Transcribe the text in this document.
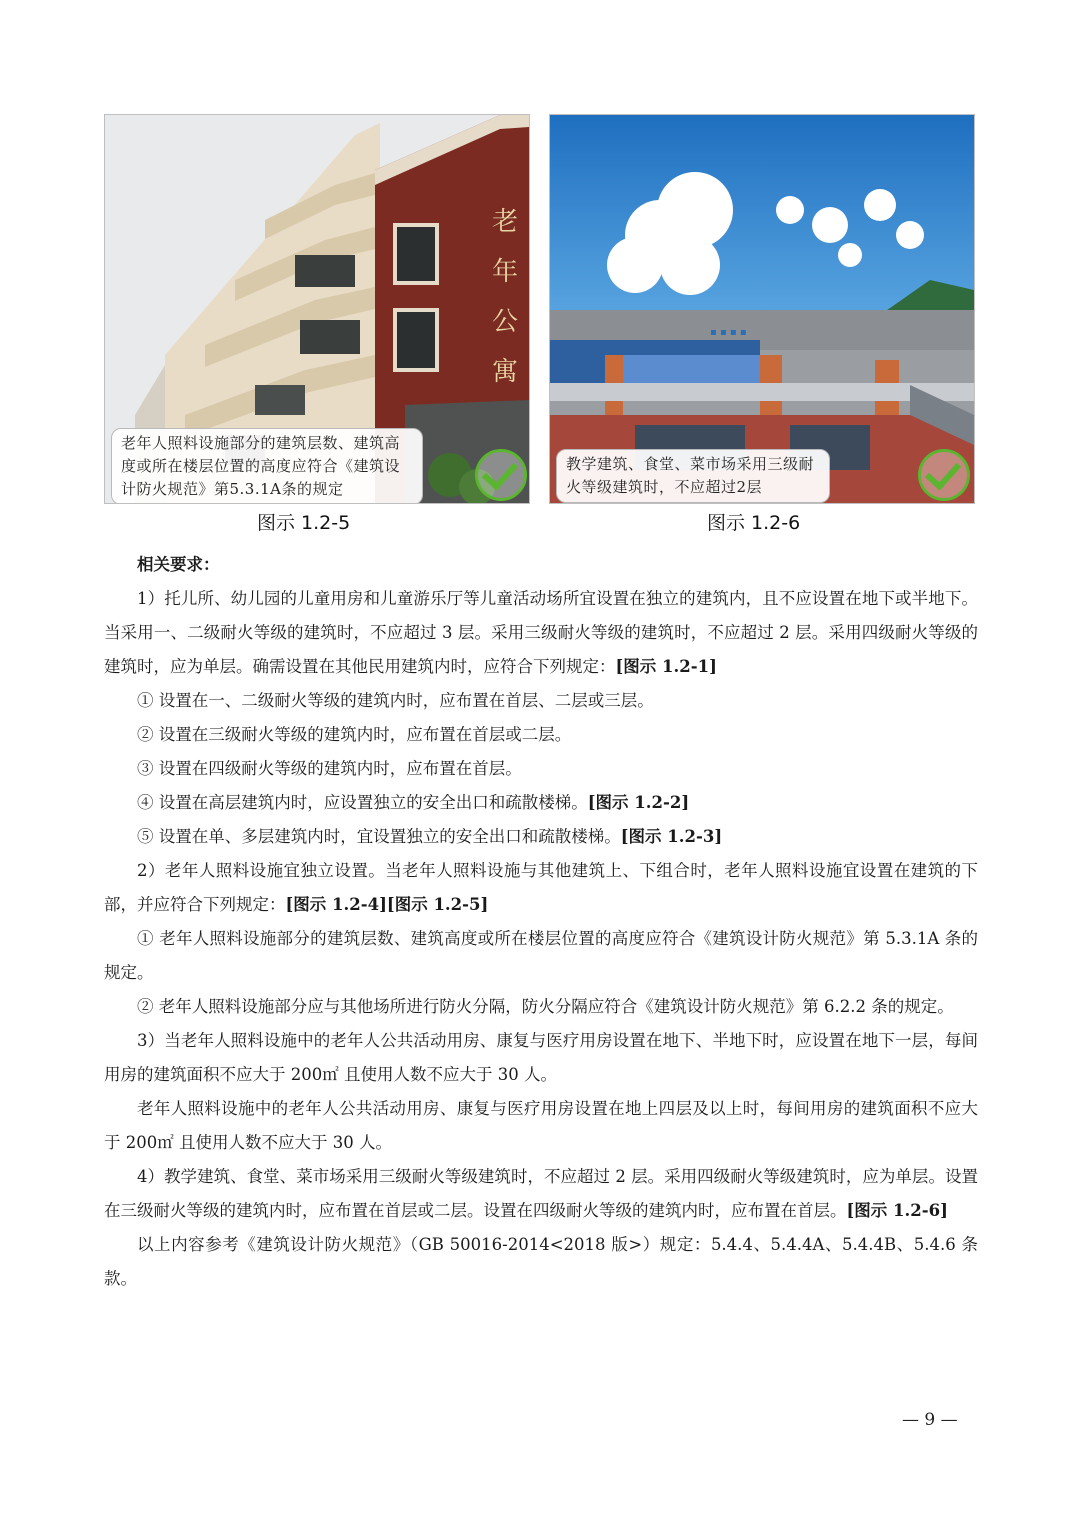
老
年
公
寓
老年人照料设施部分的建筑层数、建筑高度或所在楼层位置的高度应符合《建筑设计防火规范》第5.3.1A条的规定
▪ ▪ ▪ ▪
教学建筑、食堂、菜市场采用三级耐火等级建筑时，不应超过2层
图示 1.2-5	图示 1.2-6

相关要求：

1）托儿所、幼儿园的儿童用房和儿童游乐厅等儿童活动场所宜设置在独立的建筑内，且不应设置在地下或半地下。当采用一、二级耐火等级的建筑时，不应超过 3 层。采用三级耐火等级的建筑时，不应超过 2 层。采用四级耐火等级的建筑时，应为单层。确需设置在其他民用建筑内时，应符合下列规定：[图示 1.2-1]

① 设置在一、二级耐火等级的建筑内时，应布置在首层、二层或三层。

② 设置在三级耐火等级的建筑内时，应布置在首层或二层。

③ 设置在四级耐火等级的建筑内时，应布置在首层。

④ 设置在高层建筑内时，应设置独立的安全出口和疏散楼梯。[图示 1.2-2]

⑤ 设置在单、多层建筑内时，宜设置独立的安全出口和疏散楼梯。[图示 1.2-3]

2）老年人照料设施宜独立设置。当老年人照料设施与其他建筑上、下组合时，老年人照料设施宜设置在建筑的下部，并应符合下列规定：[图示 1.2-4][图示 1.2-5]

① 老年人照料设施部分的建筑层数、建筑高度或所在楼层位置的高度应符合《建筑设计防火规范》第 5.3.1A 条的规定。

② 老年人照料设施部分应与其他场所进行防火分隔，防火分隔应符合《建筑设计防火规范》第 6.2.2 条的规定。

3）当老年人照料设施中的老年人公共活动用房、康复与医疗用房设置在地下、半地下时，应设置在地下一层，每间用房的建筑面积不应大于 200㎡ 且使用人数不应大于 30 人。

老年人照料设施中的老年人公共活动用房、康复与医疗用房设置在地上四层及以上时，每间用房的建筑面积不应大于 200㎡ 且使用人数不应大于 30 人。

4）教学建筑、食堂、菜市场采用三级耐火等级建筑时，不应超过 2 层。采用四级耐火等级建筑时，应为单层。设置在三级耐火等级的建筑内时，应布置在首层或二层。设置在四级耐火等级的建筑内时，应布置在首层。[图示 1.2-6]

以上内容参考《建筑设计防火规范》（GB 50016-2014<2018 版>）规定：5.4.4、5.4.4A、5.4.4B、5.4.6 条款。

— 9 —
